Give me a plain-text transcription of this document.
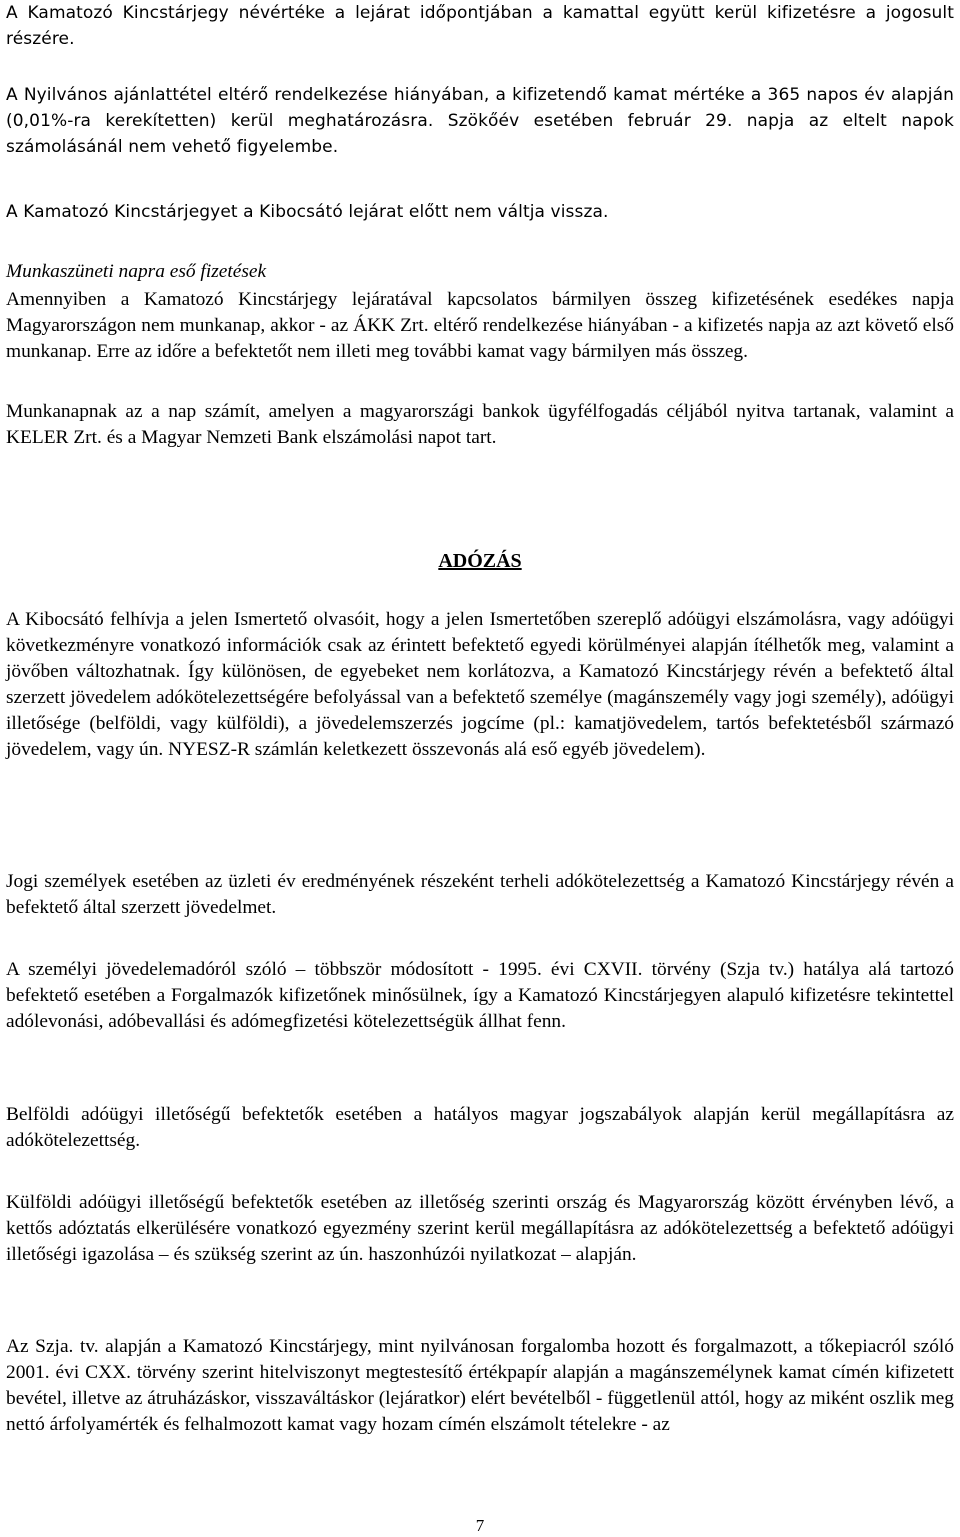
A Kamatozó Kincstárjegy névértéke a lejárat időpontjában a kamattal együtt kerül kifizetésre a jogosult részére.

A Nyilvános ajánlattétel eltérő rendelkezése hiányában, a kifizetendő kamat mértéke a 365 napos év alapján (0,01%-ra kerekítetten) kerül meghatározásra. Szökőév esetében február 29. napja az eltelt napok számolásánál nem vehető figyelembe.

A Kamatozó Kincstárjegyet a Kibocsátó lejárat előtt nem váltja vissza.

Munkaszüneti napra eső fizetések

Amennyiben a Kamatozó Kincstárjegy lejáratával kapcsolatos bármilyen összeg kifizetésének esedékes napja Magyarországon nem munkanap, akkor - az ÁKK Zrt. eltérő rendelkezése hiányában - a kifizetés napja az azt követő első munkanap. Erre az időre a befektetőt nem illeti meg további kamat vagy bármilyen más összeg.

Munkanapnak az a nap számít, amelyen a magyarországi bankok ügyfélfogadás céljából nyitva tartanak, valamint a KELER Zrt. és a Magyar Nemzeti Bank elszámolási napot tart.

ADÓZÁS

A Kibocsátó felhívja a jelen Ismertető olvasóit, hogy a jelen Ismertetőben szereplő adóügyi elszámolásra, vagy adóügyi következményre vonatkozó információk csak az érintett befektető egyedi körülményei alapján ítélhetők meg, valamint a jövőben változhatnak. Így különösen, de egyebeket nem korlátozva, a Kamatozó Kincstárjegy révén a befektető által szerzett jövedelem adókötelezettségére befolyással van a befektető személye (magánszemély vagy jogi személy), adóügyi illetősége (belföldi, vagy külföldi), a jövedelemszerzés jogcíme (pl.: kamatjövedelem, tartós befektetésből származó jövedelem, vagy ún. NYESZ-R számlán keletkezett összevonás alá eső egyéb jövedelem).

Jogi személyek esetében az üzleti év eredményének részeként terheli adókötelezettség a Kamatozó Kincstárjegy révén a befektető által szerzett jövedelmet.

A személyi jövedelemadóról szóló – többször módosított - 1995. évi CXVII. törvény (Szja tv.) hatálya alá tartozó befektető esetében a Forgalmazók kifizetőnek minősülnek, így a Kamatozó Kincstárjegyen alapuló kifizetésre tekintettel adólevonási, adóbevallási és adómegfizetési kötelezettségük állhat fenn.

Belföldi adóügyi illetőségű befektetők esetében a hatályos magyar jogszabályok alapján kerül megállapításra az adókötelezettség.

Külföldi adóügyi illetőségű befektetők esetében az illetőség szerinti ország és Magyarország között érvényben lévő, a kettős adóztatás elkerülésére vonatkozó egyezmény szerint kerül megállapításra az adókötelezettség a befektető adóügyi illetőségi igazolása – és szükség szerint az ún. haszonhúzói nyilatkozat – alapján.

Az Szja. tv. alapján a Kamatozó Kincstárjegy, mint nyilvánosan forgalomba hozott és forgalmazott, a tőkepiacról szóló 2001. évi CXX. törvény szerint hitelviszonyt megtestesítő értékpapír alapján a magánszemélynek kamat címén kifizetett bevétel, illetve az átruházáskor, visszaváltáskor (lejáratkor) elért bevételből - függetlenül attól, hogy az miként oszlik meg nettó árfolyamérték és felhalmozott kamat vagy hozam címén elszámolt tételekre - az

7
